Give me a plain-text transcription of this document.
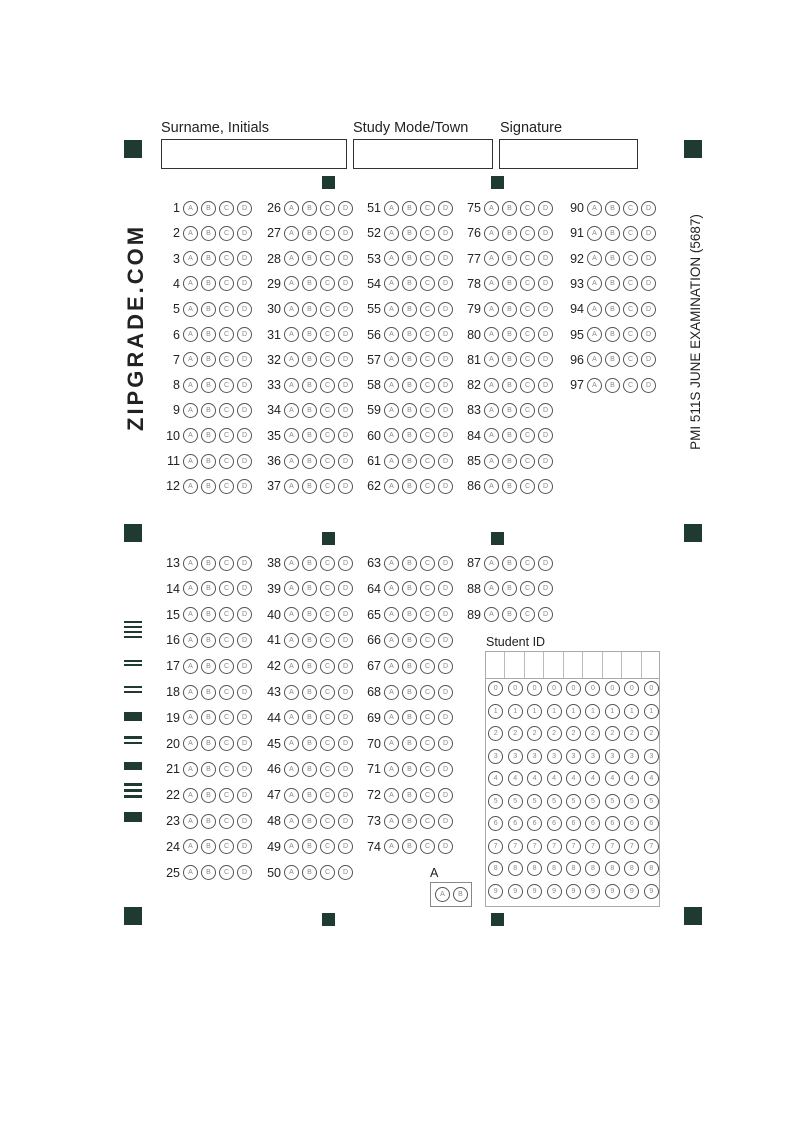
Surname, Initials	Study Mode/Town Signature
ZIPGRADE.COM	PMI 511S JUNE EXAMINATION (5687)
1	A	B	C	D
2	A	B	C	D
3	A	B	C	D
4	A	B	C	D
5	A	B	C	D
6	A	B	C	D
7	A	B	C	D
8	A	B	C	D
9	A	B	C	D
10	A	B	C	D
11	A	B	C	D
12	A	B	C	D
26	A	B	C	D
27	A	B	C	D
28	A	B	C	D
29	A	B	C	D
30	A	B	C	D
31	A	B	C	D
32	A	B	C	D
33	A	B	C	D
34	A	B	C	D
35	A	B	C	D
36	A	B	C	D
37	A	B	C	D
51	A	B	C	D
52	A	B	C	D
53	A	B	C	D
54	A	B	C	D
55	A	B	C	D
56	A	B	C	D
57	A	B	C	D
58	A	B	C	D
59	A	B	C	D
60	A	B	C	D
61	A	B	C	D
62	A	B	C	D
75	A	B	C	D
76	A	B	C	D
77	A	B	C	D
78	A	B	C	D
79	A	B	C	D
80	A	B	C	D
81	A	B	C	D
82	A	B	C	D
83	A	B	C	D
84	A	B	C	D
85	A	B	C	D
86	A	B	C	D
90	A	B	C	D
91	A	B	C	D
92	A	B	C	D
93	A	B	C	D
94	A	B	C	D
95	A	B	C	D
96	A	B	C	D
97	A	B	C	D
13	A	B	C	D
14	A	B	C	D
15	A	B	C	D
16	A	B	C	D
17	A	B	C	D
18	A	B	C	D
19	A	B	C	D
20	A	B	C	D
21	A	B	C	D
22	A	B	C	D
23	A	B	C	D
24	A	B	C	D
25	A	B	C	D
38	A	B	C	D
39	A	B	C	D
40	A	B	C	D
41	A	B	C	D
42	A	B	C	D
43	A	B	C	D
44	A	B	C	D
45	A	B	C	D
46	A	B	C	D
47	A	B	C	D
48	A	B	C	D
49	A	B	C	D
50	A	B	C	D
63	A	B	C	D
64	A	B	C	D
65	A	B	C	D
66	A	B	C	D
67	A	B	C	D
68	A	B	C	D
69	A	B	C	D
70	A	B	C	D
71	A	B	C	D
72	A	B	C	D
73	A	B	C	D
74	A	B	C	D
87	A	B	C	D
88	A	B	C	D
89	A	B	C	D
Student ID
0	0	0	0	0	0	0	0	0
1	1	1	1	1	1	1	1	1
2	2	2	2	2	2	2	2	2
3	3	3	3	3	3	3	3	3
4	4	4	4	4	4	4	4	4
5	5	5	5	5	5	5	5	5
6	6	6	6	6	6	6	6	6
7	7	7	7	7	7	7	7	7
8	8	8	8	8	8	8	8	8
9	9	9	9	9	9	9	9	9
A
A	B
